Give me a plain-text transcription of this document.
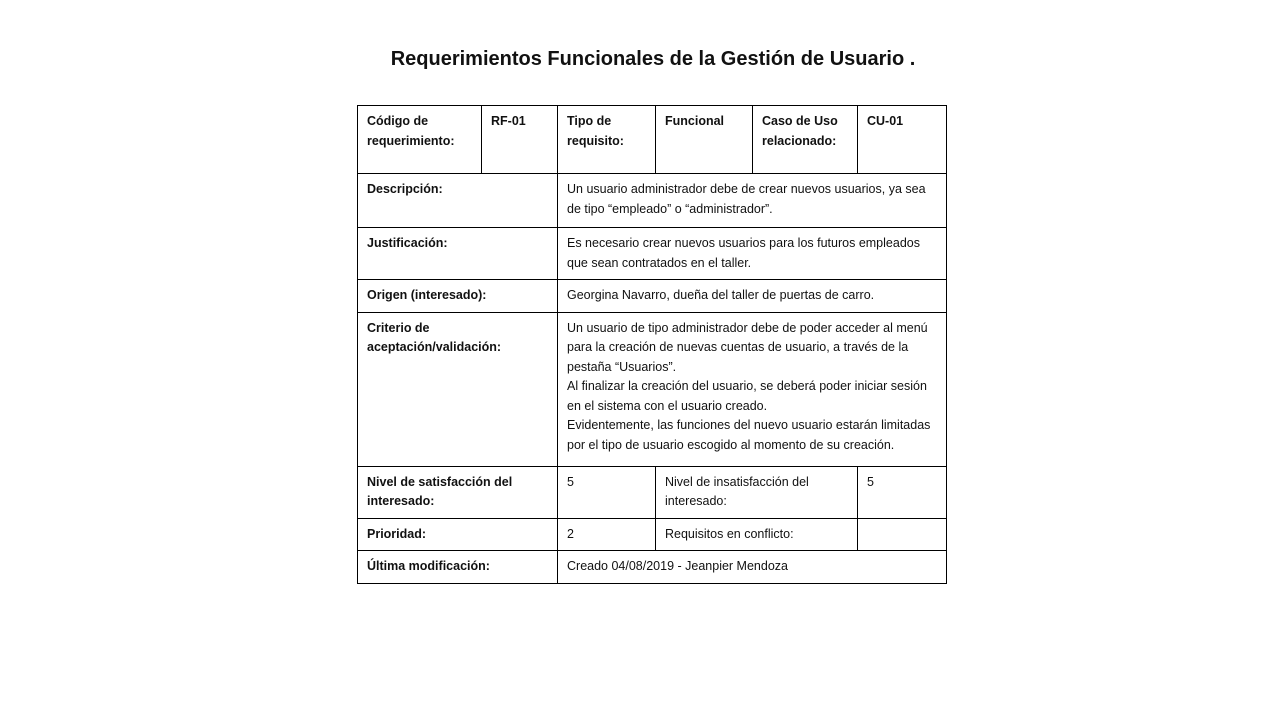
Requerimientos Funcionales de la Gestión de Usuario .
Código de requerimiento:	RF-01	Tipo de requisito:	Funcional	Caso de Uso relacionado:	CU-01
Descripción:		Un usuario administrador debe de crear nuevos usuarios, ya sea de tipo “empleado” o “administrador”.			
Justificación:		Es necesario crear nuevos usuarios para los futuros empleados que sean contratados en el taller.			
Origen (interesado):		Georgina Navarro, dueña del taller de puertas de carro.			
Criterio de aceptación/validación:		Un usuario de tipo administrador debe de poder acceder al menú para la creación de nuevas cuentas de usuario, a través de la pestaña “Usuarios”.
Al finalizar la creación del usuario, se deberá poder iniciar sesión en el sistema con el usuario creado.
Evidentemente, las funciones del nuevo usuario estarán limitadas por el tipo de usuario escogido al momento de su creación.			

Nivel de satisfacción del interesado:		5	Nivel de insatisfacción del interesado:		5
Prioridad:		2	Requisitos en conflicto:		
Última modificación:		Creado 04/08/2019 - Jeanpier Mendoza			
